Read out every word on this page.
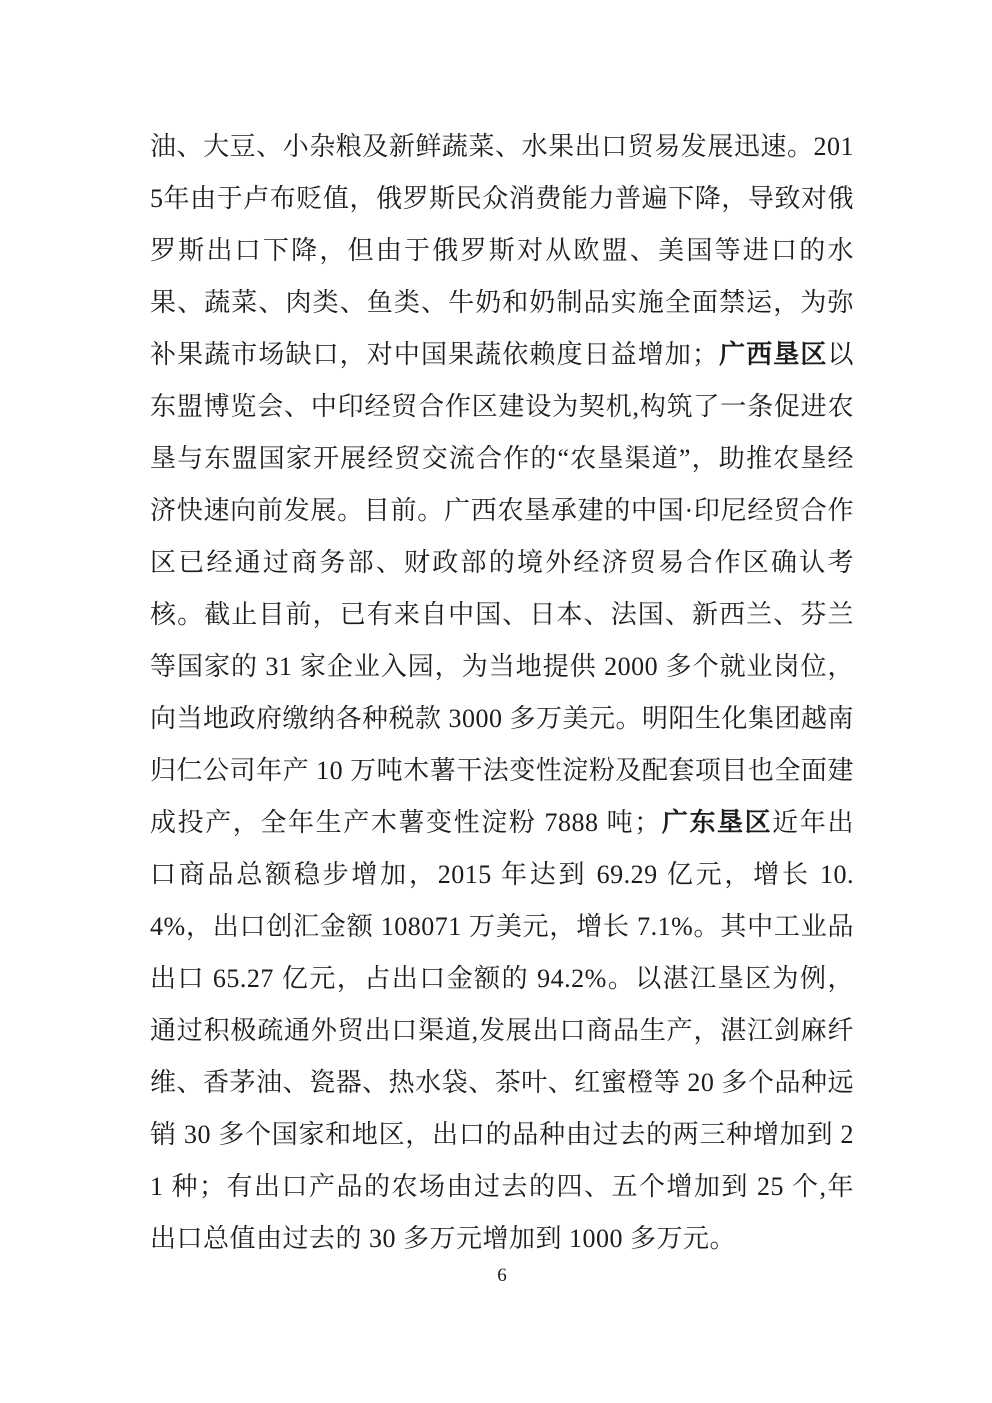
油、大豆、小杂粮及新鲜蔬菜、水果出口贸易发展迅速。2015年由于卢布贬值，俄罗斯民众消费能力普遍下降，导致对俄罗斯出口下降，但由于俄罗斯对从欧盟、美国等进口的水果、蔬菜、肉类、鱼类、牛奶和奶制品实施全面禁运，为弥补果蔬市场缺口，对中国果蔬依赖度日益增加；广西垦区以东盟博览会、中印经贸合作区建设为契机,构筑了一条促进农垦与东盟国家开展经贸交流合作的“农垦渠道”，助推农垦经济快速向前发展。目前。广西农垦承建的中国·印尼经贸合作区已经通过商务部、财政部的境外经济贸易合作区确认考核。截止目前，已有来自中国、日本、法国、新西兰、芬兰等国家的 31 家企业入园，为当地提供 2000 多个就业岗位，向当地政府缴纳各种税款 3000 多万美元。明阳生化集团越南归仁公司年产 10 万吨木薯干法变性淀粉及配套项目也全面建成投产，全年生产木薯变性淀粉 7888 吨；广东垦区近年出口商品总额稳步增加，2015 年达到 69.29 亿元，增长 10.4%，出口创汇金额 108071 万美元，增长 7.1%。其中工业品出口 65.27 亿元，占出口金额的 94.2%。以湛江垦区为例，通过积极疏通外贸出口渠道,发展出口商品生产，湛江剑麻纤维、香茅油、瓷器、热水袋、茶叶、红蜜橙等 20 多个品种远销 30 多个国家和地区，出口的品种由过去的两三种增加到 21 种；有出口产品的农场由过去的四、五个增加到 25 个,年出口总值由过去的 30 多万元增加到 1000 多万元。

6
